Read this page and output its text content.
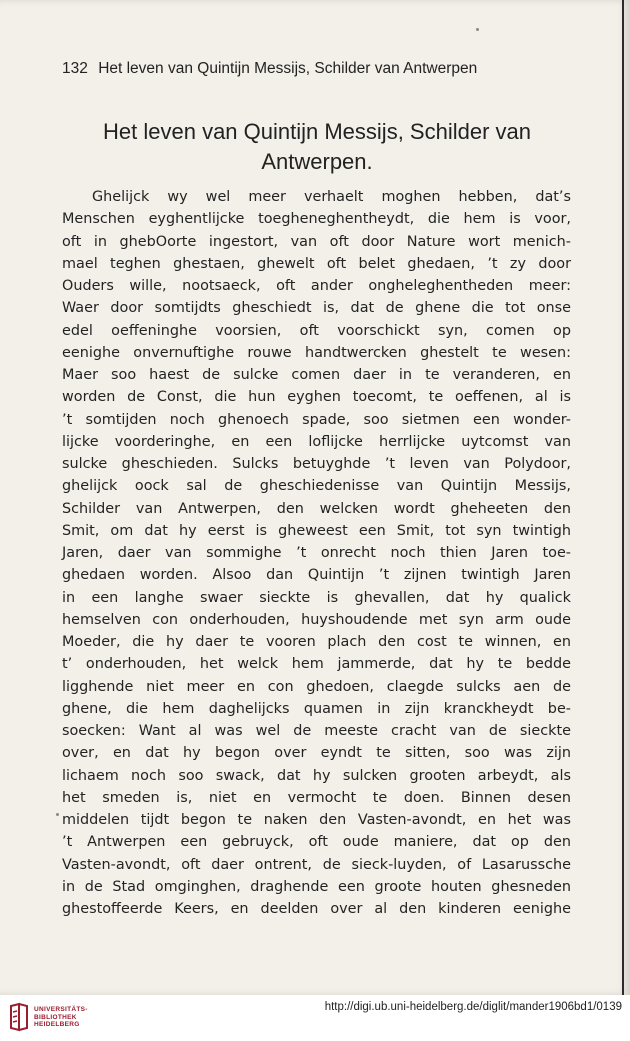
132 Het leven van Quintijn Messijs, Schilder van Antwerpen
Het leven van Quintijn Messijs, Schilder van
Antwerpen.
Ghelijck wy wel meer verhaelt moghen hebben, dat’s
Menschen eyghentlijcke toegheneghentheydt, die hem is voor,
oft in ghebOorte ingestort, van oft door Nature wort menich-
mael teghen ghestaen, ghewelt oft belet ghedaen, ’t zy door
Ouders wille, nootsaeck, oft ander ongheleghentheden meer:
Waer door somtijdts gheschiedt is, dat de ghene die tot onse
edel oeffeninghe voorsien, oft voorschickt syn, comen op
eenighe onvernuftighe rouwe handtwercken ghestelt te wesen:
Maer soo haest de sulcke comen daer in te veranderen, en
worden de Const, die hun eyghen toecomt, te oeffenen, al is
’t somtijden noch ghenoech spade, soo sietmen een wonder-
lijcke voorderinghe, en een loflijcke herrlijcke uytcomst van
sulcke gheschieden. Sulcks betuyghde ’t leven van Polydoor,
ghelijck oock sal de gheschiedenisse van Quintijn Messijs,
Schilder van Antwerpen, den welcken wordt gheheeten den
Smit, om dat hy eerst is gheweest een Smit, tot syn twintigh
Jaren, daer van sommighe ’t onrecht noch thien Jaren toe-
ghedaen worden. Alsoo dan Quintijn ’t zijnen twintigh Jaren
in een langhe swaer sieckte is ghevallen, dat hy qualick
hemselven con onderhouden, huyshoudende met syn arm oude
Moeder, die hy daer te vooren plach den cost te winnen, en
t’ onderhouden, het welck hem jammerde, dat hy te bedde
ligghende niet meer en con ghedoen, claegde sulcks aen de
ghene, die hem daghelijcks quamen in zijn kranckheydt be-
soecken: Want al was wel de meeste cracht van de sieckte
over, en dat hy begon over eyndt te sitten, soo was zijn
lichaem noch soo swack, dat hy sulcken grooten arbeydt, als
het smeden is, niet en vermocht te doen. Binnen desen
middelen tijdt begon te naken den Vasten-avondt, en het was
’t Antwerpen een gebruyck, oft oude maniere, dat op den
Vasten-avondt, oft daer ontrent, de sieck-luyden, of Lasarussche
in de Stad omginghen, draghende een groote houten ghesneden
ghestoffeerde Keers, en deelden over al den kinderen eenighe
UNIVERSITÄTS-
BIBLIOTHEK
HEIDELBERG
http://digi.ub.uni-heidelberg.de/diglit/mander1906bd1/0139
